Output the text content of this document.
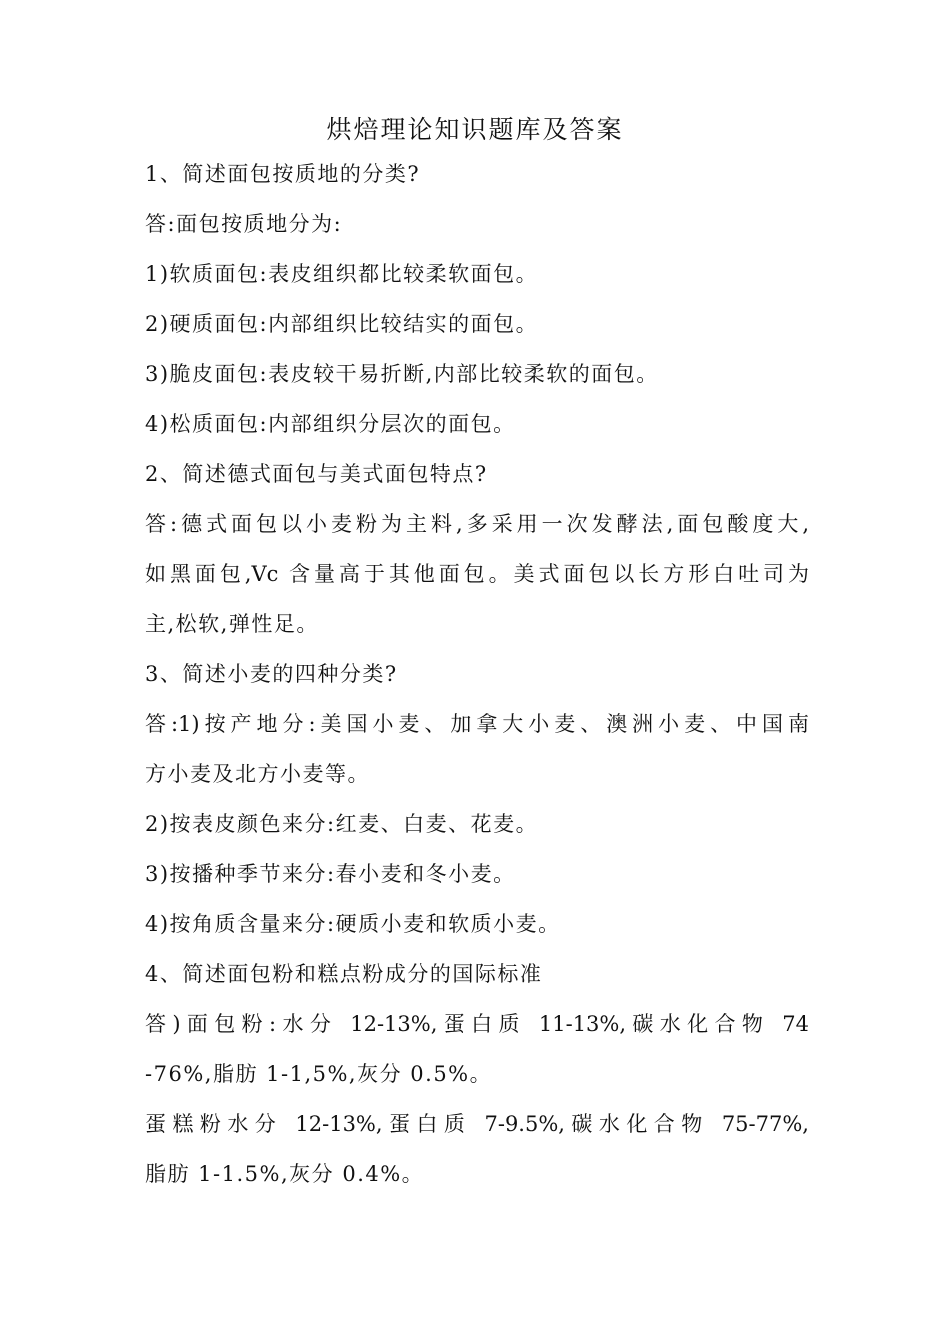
烘焙理论知识题库及答案

1、简述面包按质地的分类?

答:面包按质地分为:

1)软质面包:表皮组织都比较柔软面包。

2)硬质面包:内部组织比较结实的面包。

3)脆皮面包:表皮较干易折断,内部比较柔软的面包。

4)松质面包:内部组织分层次的面包。

2、简述德式面包与美式面包特点?

答:德式面包以小麦粉为主料,多采用一次发酵法,面包酸度大,

如黑面包,Vc 含量高于其他面包。美式面包以长方形白吐司为

主,松软,弹性足。

3、简述小麦的四种分类?

答:1)按产地分:美国小麦、加拿大小麦、澳洲小麦、中国南

方小麦及北方小麦等。

2)按表皮颜色来分:红麦、白麦、花麦。

3)按播种季节来分:春小麦和冬小麦。

4)按角质含量来分:硬质小麦和软质小麦。

4、简述面包粉和糕点粉成分的国际标准

答)面包粉:水分 12-13%,蛋白质 11-13%,碳水化合物 74

-76%,脂肪 1-1,5%,灰分 0.5%。

蛋糕粉水分 12-13%,蛋白质 7-9.5%,碳水化合物 75-77%,

脂肪 1-1.5%,灰分 0.4%。
